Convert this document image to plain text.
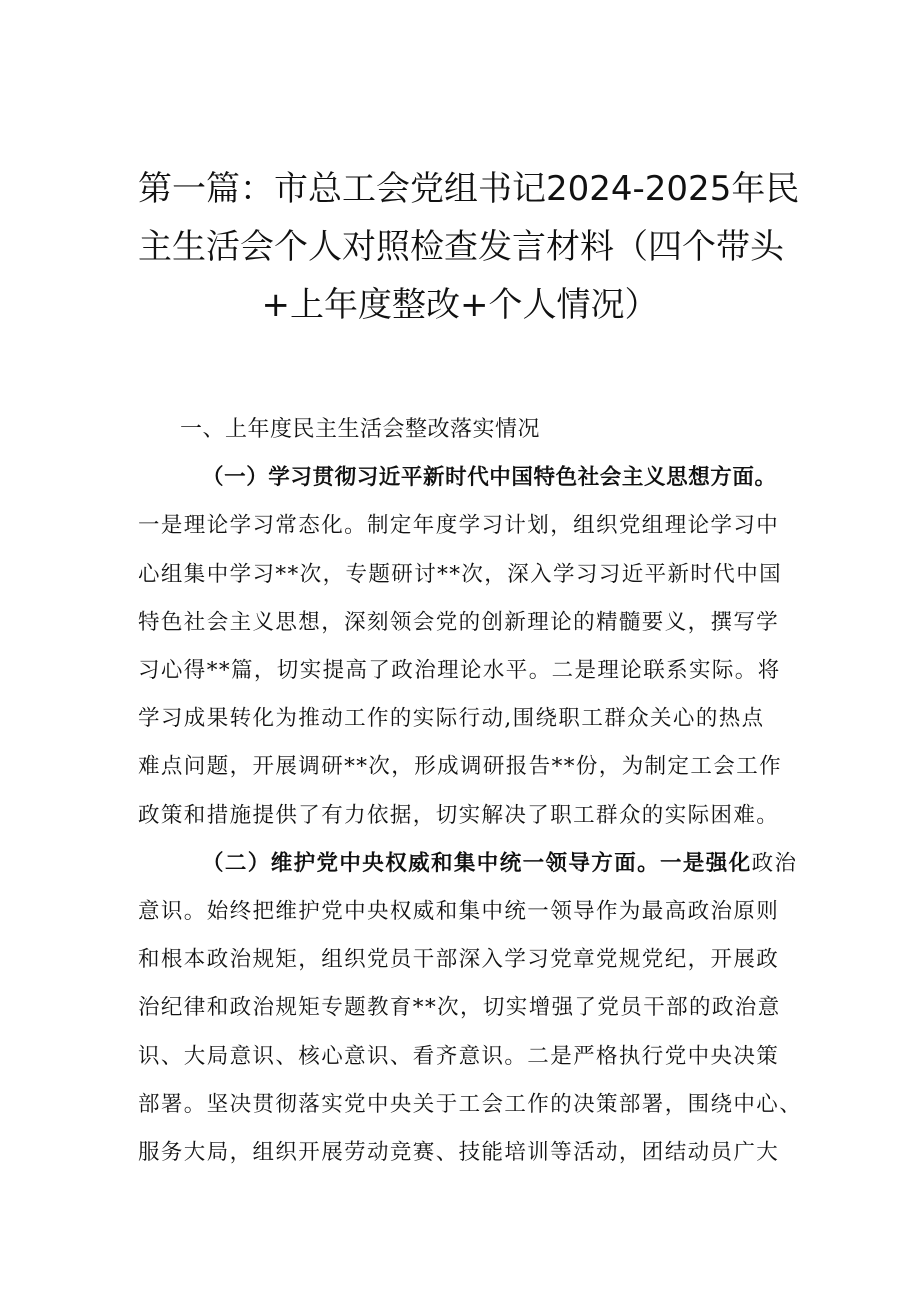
第一篇：市总工会党组书记2024-2025年民
主生活会个人对照检查发言材料（四个带头
+上年度整改+个人情况）
一、上年度民主生活会整改落实情况
（一）学习贯彻习近平新时代中国特色社会主义思想方面。
一是理论学习常态化。制定年度学习计划，组织党组理论学习中
心组集中学习**次，专题研讨**次，深入学习习近平新时代中国
特色社会主义思想，深刻领会党的创新理论的精髓要义，撰写学
习心得**篇，切实提高了政治理论水平。二是理论联系实际。将
学习成果转化为推动工作的实际行动,围绕职工群众关心的热点
难点问题，开展调研**次，形成调研报告**份，为制定工会工作
政策和措施提供了有力依据，切实解决了职工群众的实际困难。
（二）维护党中央权威和集中统一领导方面。一是强化政治
意识。始终把维护党中央权威和集中统一领导作为最高政治原则
和根本政治规矩，组织党员干部深入学习党章党规党纪，开展政
治纪律和政治规矩专题教育**次，切实增强了党员干部的政治意
识、大局意识、核心意识、看齐意识。二是严格执行党中央决策
部署。坚决贯彻落实党中央关于工会工作的决策部署，围绕中心、
服务大局，组织开展劳动竞赛、技能培训等活动，团结动员广大
